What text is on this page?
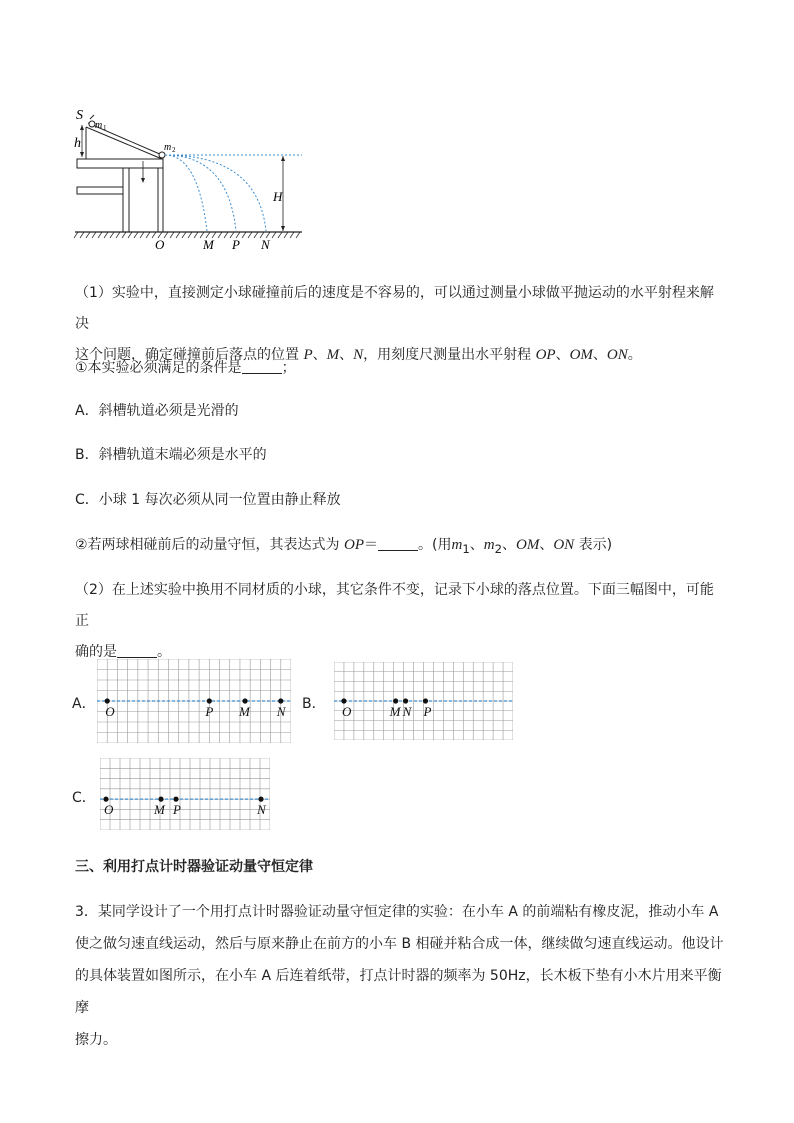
S
m 1
m 2
h
H
O	M P N

（1）实验中，直接测定小球碰撞前后的速度是不容易的，可以通过测量小球做平抛运动的水平射程来解决
这个问题，确定碰撞前后落点的位置 P、M、N，用刻度尺测量出水平射程 OP、OM、ON。

①本实验必须满足的条件是	；

A．斜槽轨道必须是光滑的

B．斜槽轨道末端必须是水平的

C．小球 1 每次必须从同一位置由静止释放

②若两球相碰前后的动量守恒，其表达式为 OP＝	。(用$m_1$、$m_2$、OM、ON 表示)

（2）在上述实验中换用不同材质的小球，其它条件不变，记录下小球的落点位置。下面三幅图中，可能正
确的是	。

A． O	P M N B． O	M N P
C．
O	M P	N

三、利用打点计时器验证动量守恒定律

3．某同学设计了一个用打点计时器验证动量守恒定律的实验：在小车 A 的前端粘有橡皮泥，推动小车 A
使之做匀速直线运动，然后与原来静止在前方的小车 B 相碰并粘合成一体，继续做匀速直线运动。他设计
的具体装置如图所示，在小车 A 后连着纸带，打点计时器的频率为 50Hz，长木板下垫有小木片用来平衡摩
擦力。
